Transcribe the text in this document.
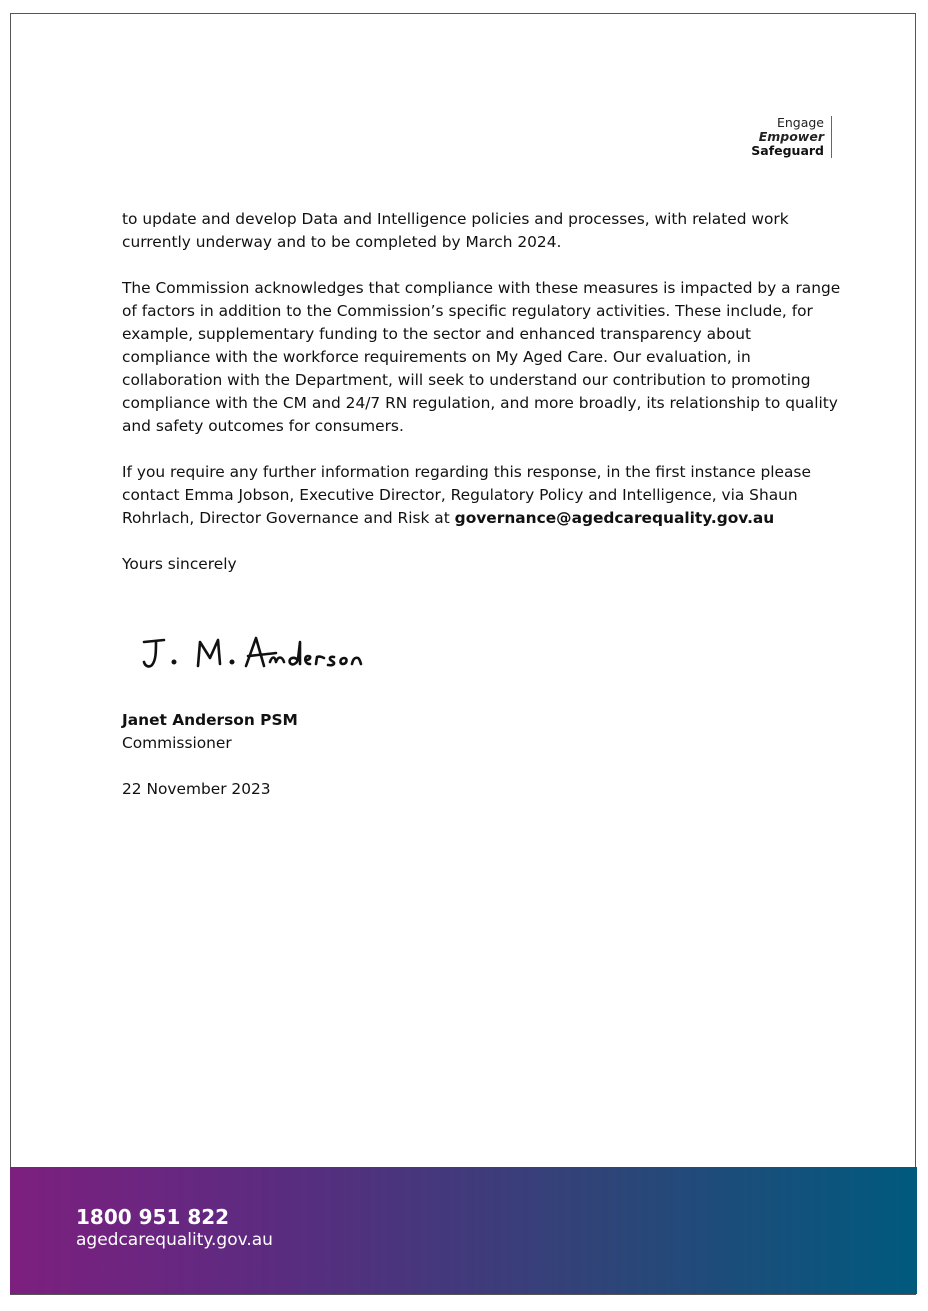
Engage
Empower
Safeguard

to update and develop Data and Intelligence policies and processes, with related work currently underway and to be completed by March 2024.

The Commission acknowledges that compliance with these measures is impacted by a range of factors in addition to the Commission’s specific regulatory activities. These include, for example, supplementary funding to the sector and enhanced transparency about compliance with the workforce requirements on My Aged Care. Our evaluation, in collaboration with the Department, will seek to understand our contribution to promoting compliance with the CM and 24/7 RN regulation, and more broadly, its relationship to quality and safety outcomes for consumers.

If you require any further information regarding this response, in the first instance please contact Emma Jobson, Executive Director, Regulatory Policy and Intelligence, via Shaun Rohrlach, Director Governance and Risk at governance@agedcarequality.gov.au

Yours sincerely

Janet Anderson PSM
Commissioner
22 November 2023
1800 951 822
agedcarequality.gov.au
